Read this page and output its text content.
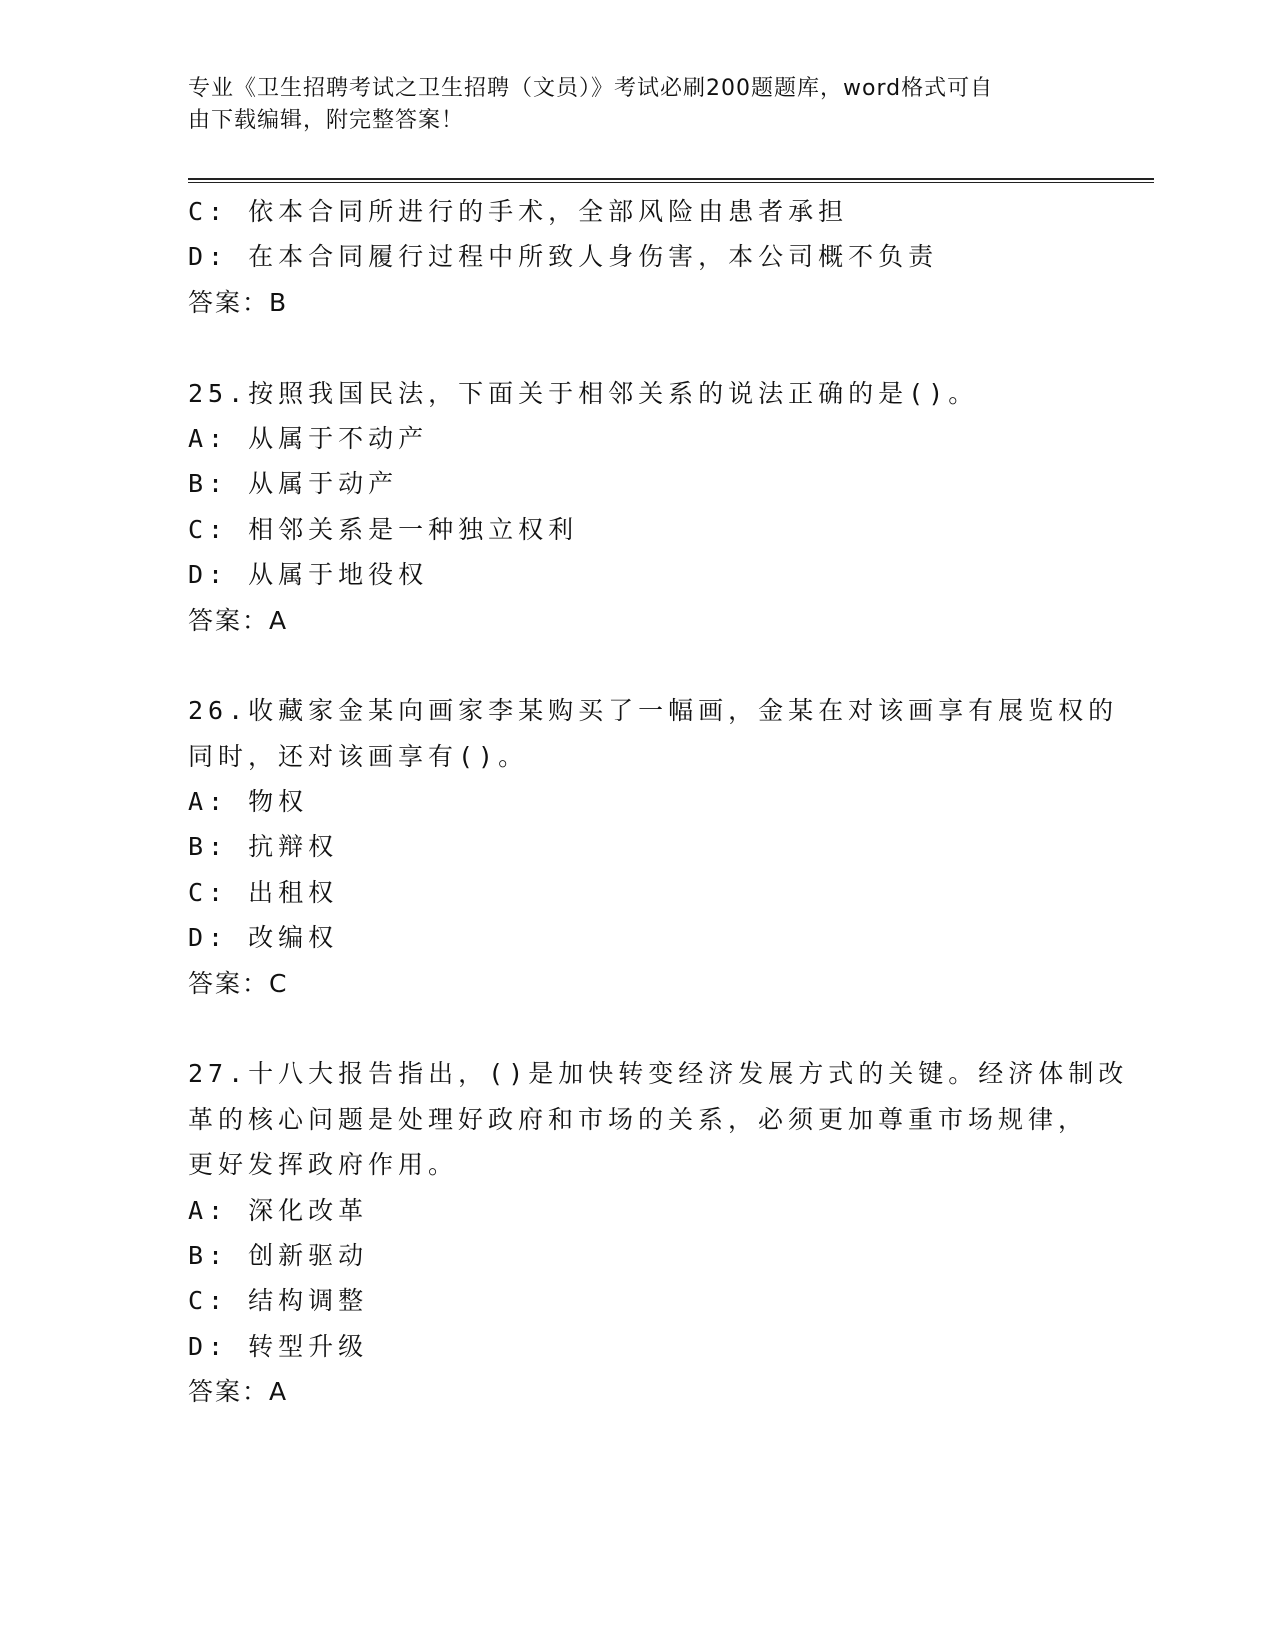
专业《卫生招聘考试之卫生招聘（文员）》考试必刷200题题库，word格式可自
由下载编辑，附完整答案！
C: 依本合同所进行的手术，全部风险由患者承担
D: 在本合同履行过程中所致人身伤害，本公司概不负责
答案：B
25.按照我国民法，下面关于相邻关系的说法正确的是()。
A: 从属于不动产
B: 从属于动产
C: 相邻关系是一种独立权利
D: 从属于地役权
答案：A
26.收藏家金某向画家李某购买了一幅画，金某在对该画享有展览权的
同时，还对该画享有()。
A: 物权
B: 抗辩权
C: 出租权
D: 改编权
答案：C
27.十八大报告指出，()是加快转变经济发展方式的关键。经济体制改
革的核心问题是处理好政府和市场的关系，必须更加尊重市场规律，
更好发挥政府作用。
A: 深化改革
B: 创新驱动
C: 结构调整
D: 转型升级
答案：A
